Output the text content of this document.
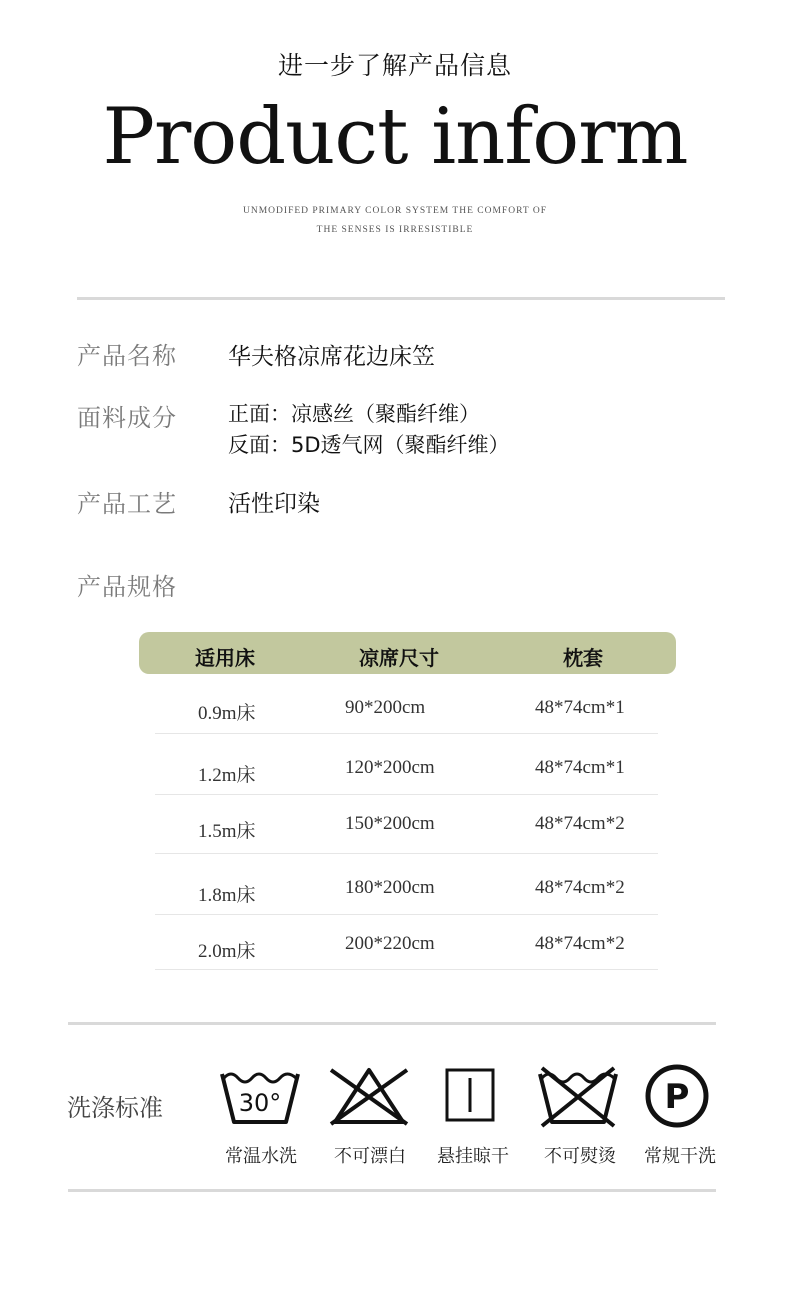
进一步了解产品信息
Product inform
UNMODIFED PRIMARY COLOR SYSTEM THE COMFORT OF
THE SENSES IS IRRESISTIBLE
产品名称 华夫格凉席花边床笠
面料成分 正面：凉感丝（聚酯纤维）
反面：5D透气网（聚酯纤维）
产品工艺 活性印染
产品规格
适用床	凉席尺寸	枕套
0.9m床	90*200cm	48*74cm*1
1.2m床	120*200cm	48*74cm*1
1.5m床	150*200cm	48*74cm*2
1.8m床	180*200cm	48*74cm*2
2.0m床	200*220cm	48*74cm*2
洗涤标准	30°
常温水洗	不可漂白	悬挂晾干	不可熨烫
P
常规干洗
